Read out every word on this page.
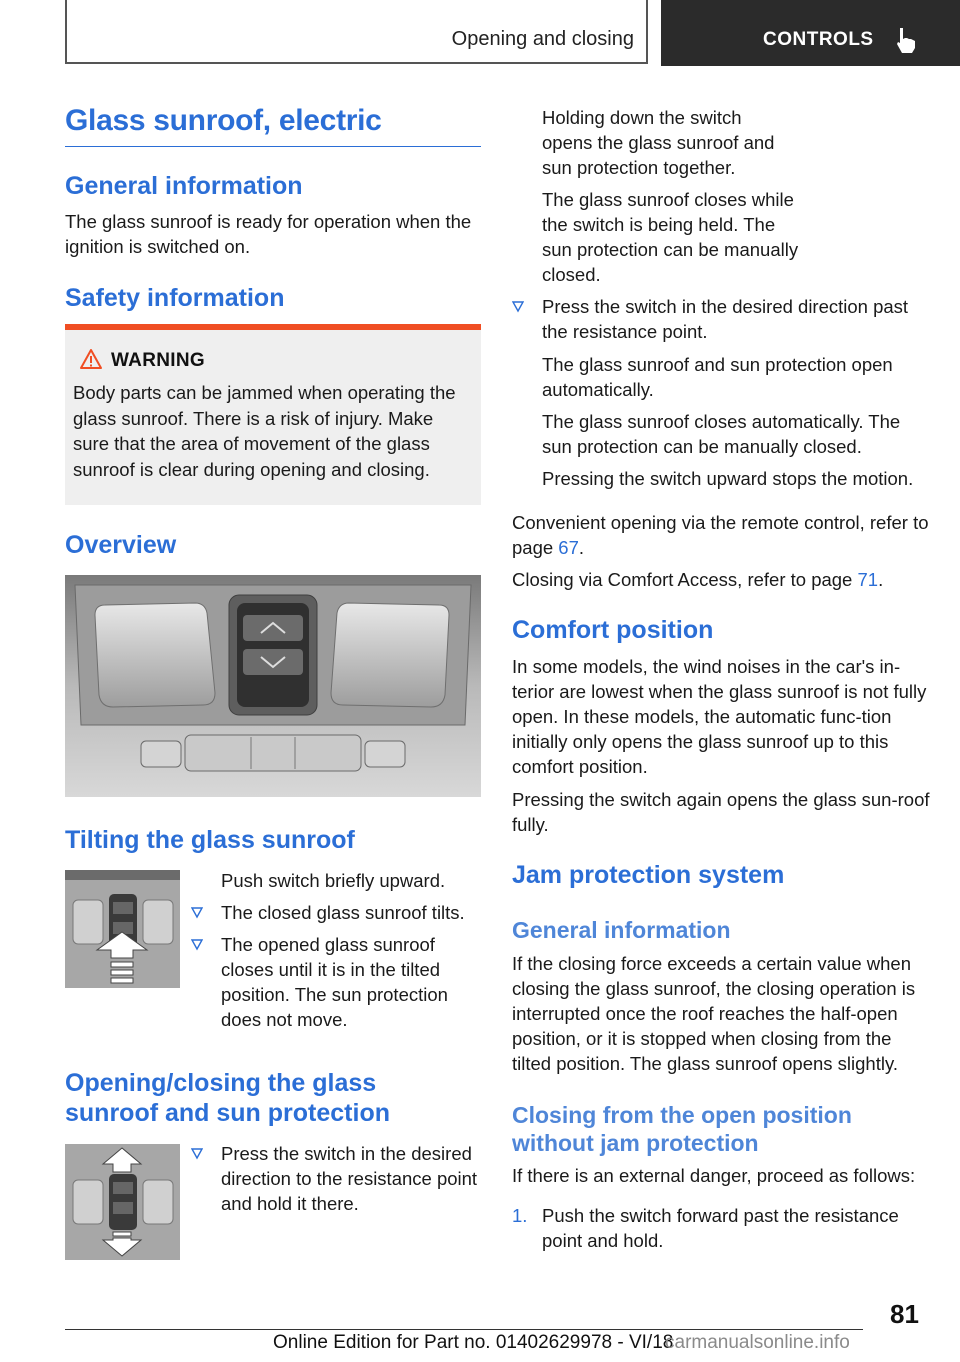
Opening and closing	CONTROLS
Glass sunroof, electric
General information

The glass sunroof is ready for operation when the ignition is switched on.

Safety information
WARNING
Body parts can be jammed when operating the glass sunroof. There is a risk of injury. Make sure that the area of movement of the glass sunroof is clear during opening and closing.
Overview
Tilting the glass sunroof

Push switch briefly upward.

The closed glass sunroof tilts.
The opened glass sunroof closes until it is in the tilted position. The sun protection does not move.
Opening/closing the glass
sunroof and sun protection
Press the switch in the desired direction to the resistance point and hold it there.

Holding down the switch opens the glass sunroof and sun protection together.

The glass sunroof closes while the switch is being held. The sun protection can be manually closed.

Press the switch in the desired direction past the resistance point.

The glass sunroof and sun protection open automatically.

The glass sunroof closes automatically. The sun protection can be manually closed.

Pressing the switch upward stops the motion.

Convenient opening via the remote control, refer to page 67.

Closing via Comfort Access, refer to page 71.

Comfort position

In some models, the wind noises in the car's in-terior are lowest when the glass sunroof is not fully open. In these models, the automatic func-tion initially only opens the glass sunroof up to this comfort position.

Pressing the switch again opens the glass sun-roof fully.

Jam protection system
General information

If the closing force exceeds a certain value when closing the glass sunroof, the closing operation is interrupted once the roof reaches the half-open position, or it is stopped when closing from the tilted position. The glass sunroof opens slightly.

Closing from the open position
without jam protection

If there is an external danger, proceed as follows:

1. Push the switch forward past the resistance point and hold.
81
Online Edition for Part no. 01402629978 - VI/18
carmanualsonline.info
